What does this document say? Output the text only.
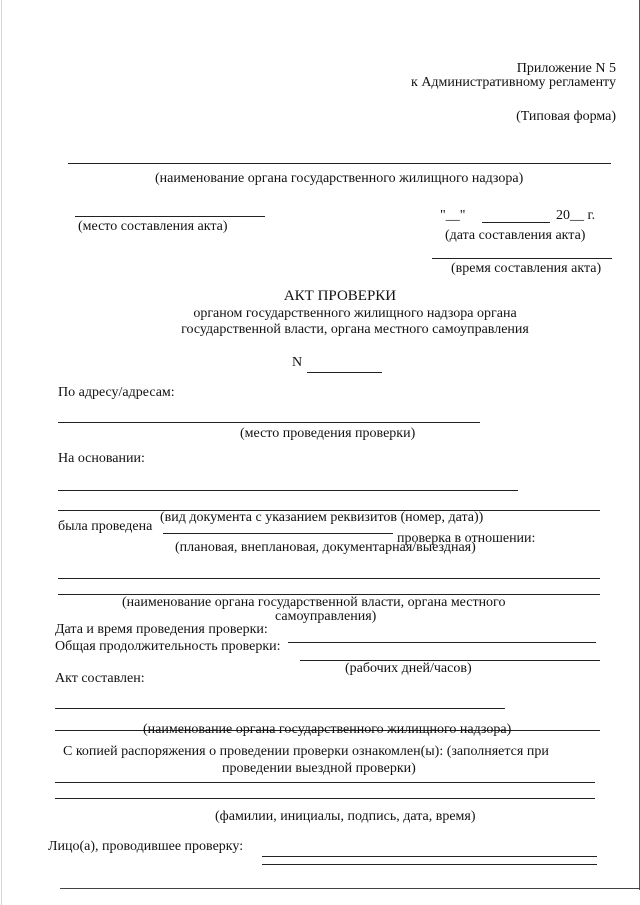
Приложение N 5
к Административному регламенту
(Типовая форма)
(наименование органа государственного жилищного надзора)
(место составления акта)
"__"	20__ г.
(дата составления акта)
(время составления акта)
АКТ ПРОВЕРКИ
органом государственного жилищного надзора органа
государственной власти, органа местного самоуправления
N
По адресу/адресам:
(место проведения проверки)
На основании:
(вид документа с указанием реквизитов (номер, дата))
была проведена
проверка в отношении:
(плановая, внеплановая, документарная/выездная)
(наименование органа государственной власти, органа местного
самоуправления)
Дата и время проведения проверки:
Общая продолжительность проверки:
(рабочих дней/часов)
Акт составлен:
(наименование органа государственного жилищного надзора)
С копией распоряжения о проведении проверки ознакомлен(ы): (заполняется при
проведении выездной проверки)
(фамилии, инициалы, подпись, дата, время)
Лицо(а), проводившее проверку:
